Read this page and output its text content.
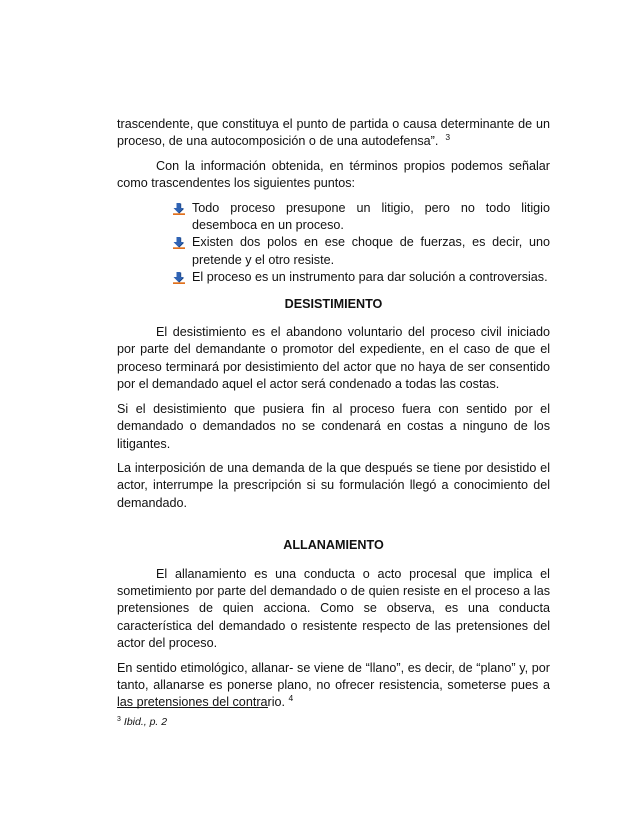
trascendente, que constituya el punto de partida o causa determinante de un proceso, de una autocomposición o de una autodefensa”. $^3$

Con la información obtenida, en términos propios podemos señalar como trascendentes los siguientes puntos:

Todo proceso presupone un litigio, pero no todo litigio desemboca en un proceso.
Existen dos polos en ese choque de fuerzas, es decir, uno pretende y el otro resiste.
El proceso es un instrumento para dar solución a controversias.
DESISTIMIENTO

El desistimiento es el abandono voluntario del proceso civil iniciado por parte del demandante o promotor del expediente, en el caso de que el proceso terminará por desistimiento del actor que no haya de ser consentido por el demandado aquel el actor será condenado a todas las costas.

Si el desistimiento que pusiera fin al proceso fuera con sentido por el demandado o demandados no se condenará en costas a ninguno de los litigantes.

La interposición de una demanda de la que después se tiene por desistido el actor, interrumpe la prescripción si su formulación llegó a conocimiento del demandado.

ALLANAMIENTO

El allanamiento es una conducta o acto procesal que implica el sometimiento por parte del demandado o de quien resiste en el proceso a las pretensiones de quien acciona. Como se observa, es una conducta característica del demandado o resistente respecto de las pretensiones del actor del proceso.

En sentido etimológico, allanar- se viene de “llano”, es decir, de “plano” y, por tanto, allanarse es ponerse plano, no ofrecer resistencia, someterse pues a las pretensiones del contrario. $^4$

$^3$ Ibid., p. 2
